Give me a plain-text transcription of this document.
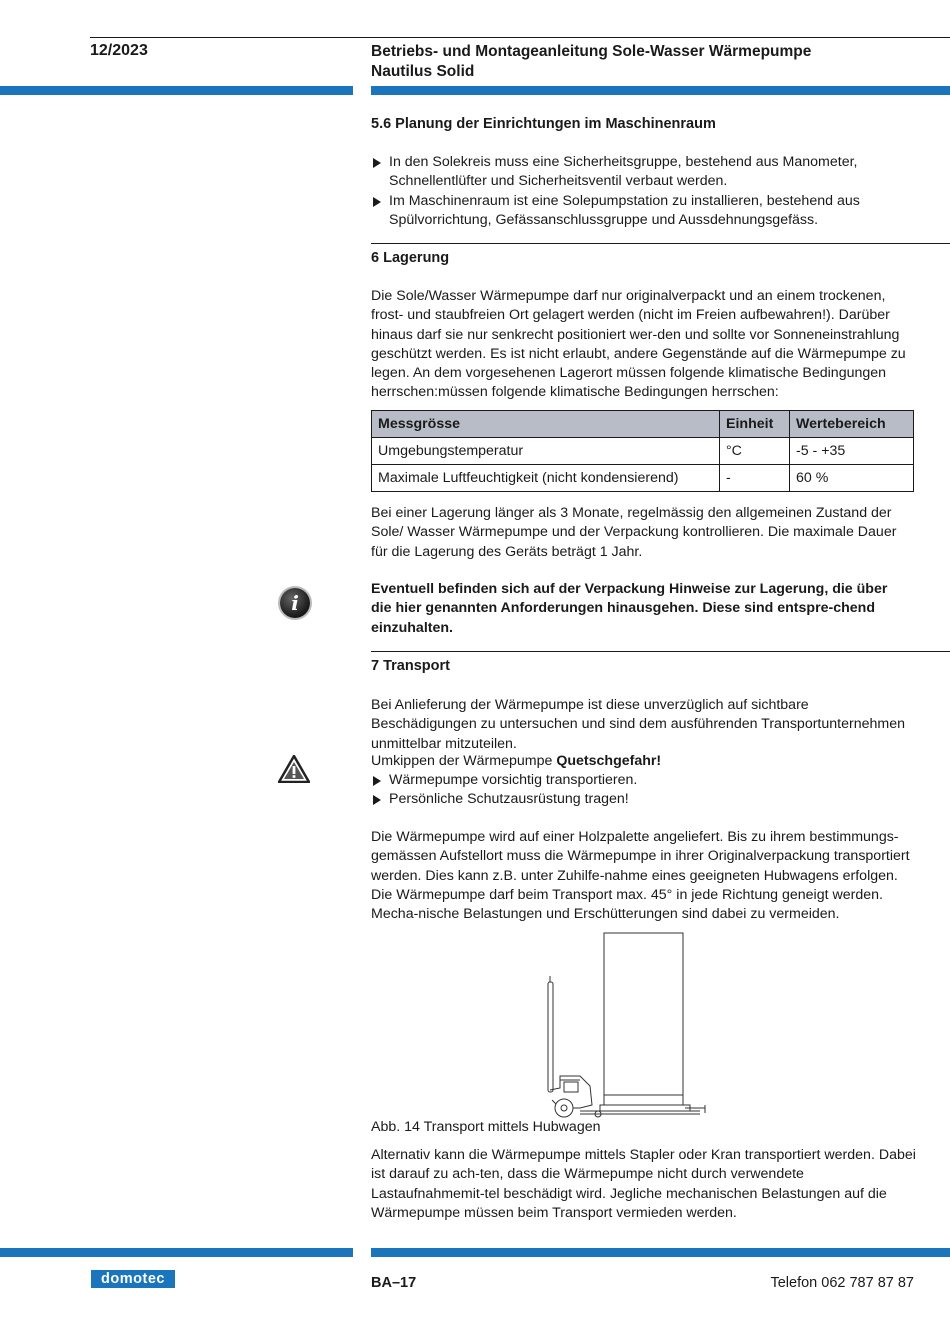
12/2023	Betriebs- und Montageanleitung Sole-Wasser Wärmepumpe
Nautilus Solid
5.6 Planung der Einrichtungen im Maschinenraum
In den Solekreis muss eine Sicherheitsgruppe, bestehend aus Manometer, Schnellentlüfter und Sicherheitsventil verbaut werden.
Im Maschinenraum ist eine Solepumpstation zu installieren, bestehend aus Spülvorrichtung, Gefässanschlussgruppe und Aussdehnungsgefäss.
6 Lagerung
Die Sole/Wasser Wärmepumpe darf nur originalverpackt und an einem trockenen, frost- und staubfreien Ort gelagert werden (nicht im Freien aufbewahren!). Darüber hinaus darf sie nur senkrecht positioniert wer-den und sollte vor Sonneneinstrahlung geschützt werden. Es ist nicht erlaubt, andere Gegenstände auf die Wärmepumpe zu legen. An dem vorgesehenen Lagerort müssen folgende klimatische Bedingungen herrschen:müssen folgende klimatische Bedingungen herrschen:
Messgrösse	Einheit	Wertebereich
Umgebungstemperatur	°C	-5 - +35
Maximale Luftfeuchtigkeit (nicht kondensierend)	-	60 %
Bei einer Lagerung länger als 3 Monate, regelmässig den allgemeinen Zustand der Sole/ Wasser Wärmepumpe und der Verpackung kontrollieren. Die maximale Dauer für die Lagerung des Geräts beträgt 1 Jahr.
i
Eventuell befinden sich auf der Verpackung Hinweise zur Lagerung, die über die hier genannten Anforderungen hinausgehen. Diese sind entspre-chend einzuhalten.
7 Transport
Bei Anlieferung der Wärmepumpe ist diese unverzüglich auf sichtbare Beschädigungen zu untersuchen und sind dem ausführenden Transportunternehmen unmittelbar mitzuteilen.
Umkippen der Wärmepumpe Quetschgefahr!
Wärmepumpe vorsichtig transportieren.
Persönliche Schutzausrüstung tragen!
Die Wärmepumpe wird auf einer Holzpalette angeliefert. Bis zu ihrem bestimmungs-gemässen Aufstellort muss die Wärmepumpe in ihrer Originalverpackung transportiert werden. Dies kann z.B. unter Zuhilfe-nahme eines geeigneten Hubwagens erfolgen. Die Wärmepumpe darf beim Transport max. 45° in jede Richtung geneigt werden. Mecha-nische Belastungen und Erschütterungen sind dabei zu vermeiden.
Abb. 14 Transport mittels Hubwagen
Alternativ kann die Wärmepumpe mittels Stapler oder Kran transportiert werden. Dabei ist darauf zu ach-ten, dass die Wärmepumpe nicht durch verwendete Lastaufnahmemit-tel beschädigt wird. Jegliche mechanischen Belastungen auf die Wärmepumpe müssen beim Transport vermieden werden.
domotec	BA–17	Telefon 062 787 87 87
